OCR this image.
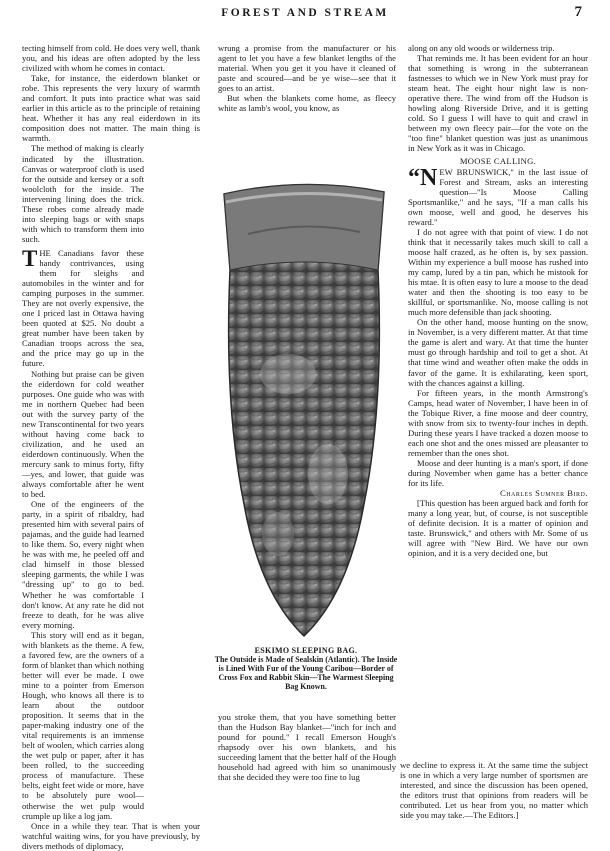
FOREST AND STREAM	7

tecting himself from cold. He does very well, thank you, and his ideas are often adopted by the less civilized with whom he comes in contact.

Take, for instance, the eiderdown blanket or robe. This represents the very luxury of warmth and comfort. It puts into practice what was said earlier in this article as to the principle of retaining heat. Whether it has any real eiderdown in its composition does not matter. The main thing is warmth.

The method of making is clearly indicated by the illustration. Canvas or waterproof cloth is used for the outside and kersey or a soft woolcloth for the inside. The intervening lining does the trick. These robes come already made into sleeping bags or with snaps with which to transform them into such.

THE Canadians favor these handy contrivances, using them for sleighs and automobiles in the winter and for camping purposes in the summer. They are not overly expensive, the one I priced last in Ottawa having been quoted at $25. No doubt a great number have been taken by Canadian troops across the sea, and the price may go up in the future.

Nothing but praise can be given the eiderdown for cold weather purposes. One guide who was with me in northern Quebec had been out with the survey party of the new Transcontinental for two years without having come back to civilization, and he used an eiderdown continuously. When the mercury sank to minus forty, fifty—yes, and lower, that guide was always comfortable after he went to bed.

One of the engineers of the party, in a spirit of ribaldry, had presented him with several pairs of pajamas, and the guide had learned to like them. So, every night when he was with me, he peeled off and clad himself in those blessed sleeping garments, the while I was "dressing up" to go to bed. Whether he was comfortable I don't know. At any rate he did not freeze to death, for he was alive every morning.

This story will end as it began, with blankets as the theme. A few, a favored few, are the owners of a form of blanket than which nothing better will ever be made. I owe mine to a pointer from Emerson Hough, who knows all there is to learn about the outdoor proposition. It seems that in the paper-making industry one of the vital requirements is an immense belt of woolen, which carries along the wet pulp or paper, after it has been rolled, to the succeeding process of manufacture. These belts, eight feet wide or more, have to be absolutely pure wool—otherwise the wet pulp would crumple up like a log jam.

Once in a while they tear. That is when your watchful waiting wins, for you have previously, by divers methods of diplomacy,

wrung a promise from the manufacturer or his agent to let you have a few blanket lengths of the material. When you get it you have it cleaned of paste and scoured—and be ye wise—see that it goes to an artist.

But when the blankets come home, as fleecy white as lamb's wool, you know, as

ESKIMO SLEEPING BAG.
The Outside is Made of Sealskin (Atlantic). The Inside is Lined With Fur of the Young Caribou—Border of Cross Fox and Rabbit Skin—The Warmest Sleeping Bag Known.

you stroke them, that you have something better than the Hudson Bay blanket—"inch for inch and pound for pound." I recall Emerson Hough's rhapsody over his own blankets, and his succeeding lament that the better half of the Hough household had agreed with him so unanimously that she decided they were too fine to lug

along on any old woods or wilderness trip.

That reminds me. It has been evident for an hour that something is wrong in the subterranean fastnesses to which we in New York must pray for steam heat. The eight hour night law is non-operative there. The wind from off the Hudson is howling along Riverside Drive, and it is getting cold. So I guess I will have to quit and crawl in between my own fleecy pair—for the vote on the "too fine" blanket question was just as unanimous in New York as it was in Chicago.

MOOSE CALLING.

“NEW BRUNSWICK," in the last issue of Forest and Stream, asks an interesting question—"Is Moose Calling Sportsmanlike," and he says, "If a man calls his own moose, well and good, he deserves his reward."

I do not agree with that point of view. I do not think that it necessarily takes much skill to call a moose half crazed, as he often is, by sex passion. Within my experience a bull moose has rushed into my camp, lured by a tin pan, which he mistook for his mtae. It is often easy to lure a moose to the dead water and then the shooting is too easy to be skillful, or sportsmanlike. No, moose calling is not much more defensible than jack shooting.

On the other hand, moose hunting on the snow, in November, is a very different matter. At that time the game is alert and wary. At that time the hunter must go through hardship and toil to get a shot. At that time wind and weather often make the odds in favor of the game. It is exhilarating, keen sport, with the chances against a killing.

For fifteen years, in the month Armstrong's Camps, head water of November, I have been in of the Tobique River, a fine moose and deer country, with snow from six to twenty-four inches in depth. During these years I have tracked a dozen moose to each one shot and the ones missed are pleasanter to remember than the ones shot.

Moose and deer hunting is a man's sport, if done during November when game has a better chance for its life.

Charles Sumner Bird.

[This question has been argued back and forth for many a long year, but, of course, is not susceptible of definite decision. It is a matter of opinion and taste. Brunswick," and others with Mr. Some of us will agree with "New Bird. We have our own opinion, and it is a very decided one, but

we decline to express it. At the same time the subject is one in which a very large number of sportsmen are interested, and since the discussion has been opened, the editors trust that opinions from readers will be contributed. Let us hear from you, no matter which side you may take.—The Editors.]
